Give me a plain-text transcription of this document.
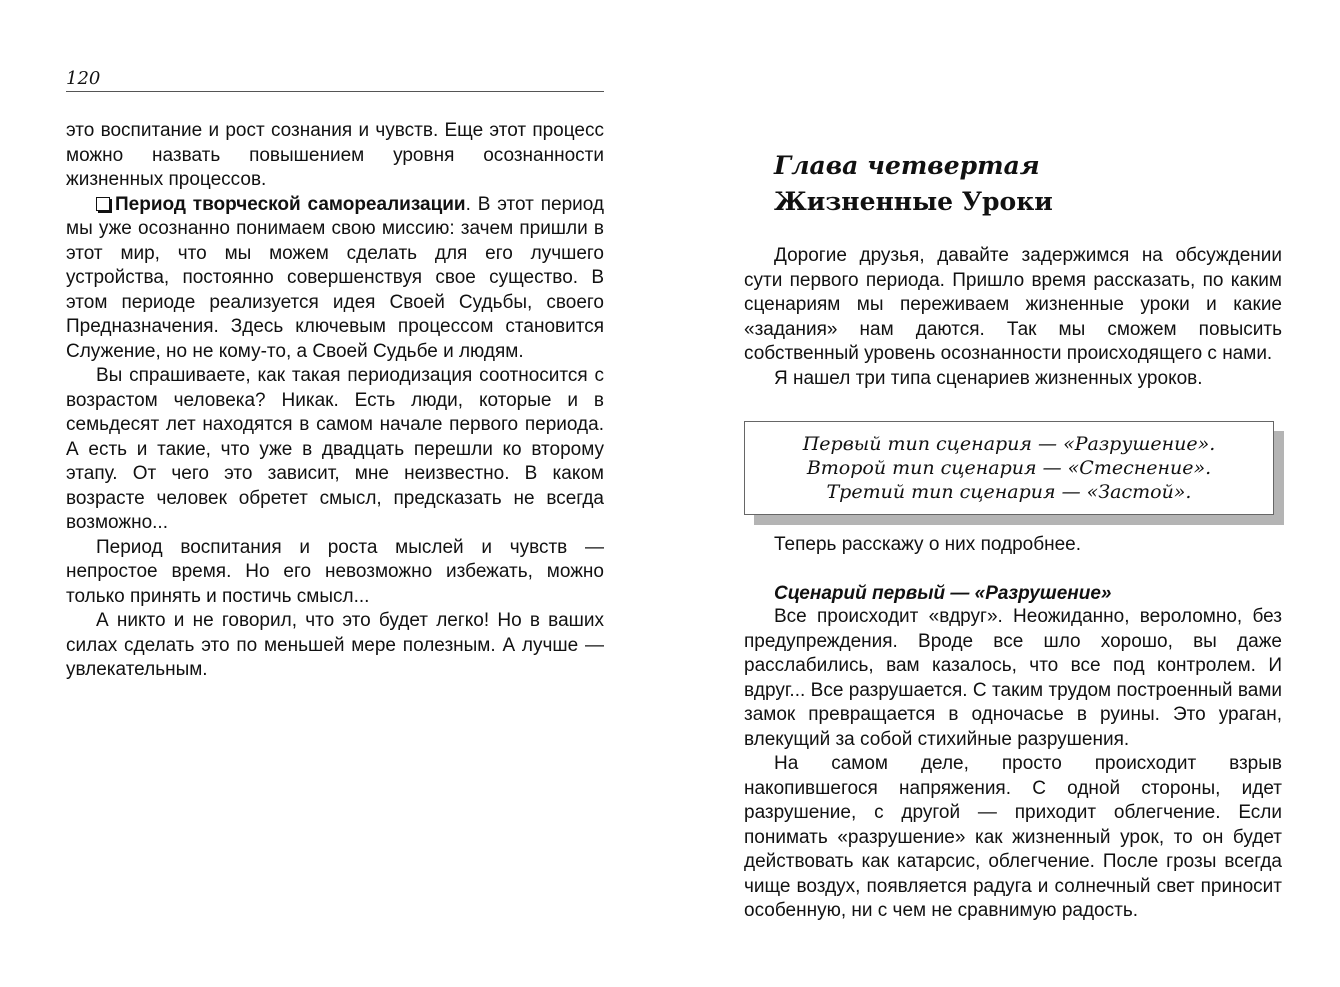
120

это воспитание и рост сознания и чувств. Еще этот процесс можно назвать повышением уровня осознанности жизненных процессов.

Период творческой самореализации. В этот период мы уже осознанно понимаем свою миссию: зачем пришли в этот мир, что мы можем сделать для его лучшего устройства, постоянно совершенствуя свое существо. В этом периоде реализуется идея Своей Судьбы, своего Предназначения. Здесь ключевым процессом становится Служение, но не кому-то, а Своей Судьбе и людям.

Вы спрашиваете, как такая периодизация соотносится с возрастом человека? Никак. Есть люди, которые и в семьдесят лет находятся в самом начале первого периода. А есть и такие, что уже в двадцать перешли ко второму этапу. От чего это зависит, мне неизвестно. В каком возрасте человек обретет смысл, предсказать не всегда возможно...

Период воспитания и роста мыслей и чувств — непростое время. Но его невозможно избежать, можно только принять и постичь смысл...

А никто и не говорил, что это будет легко! Но в ваших силах сделать это по меньшей мере полезным. А лучше — увлекательным.

Глава четвертая
Жизненные Уроки

Дорогие друзья, давайте задержимся на обсуждении сути первого периода. Пришло время рассказать, по каким сценариям мы переживаем жизненные уроки и какие «задания» нам даются. Так мы сможем повысить собственный уровень осознанности происходящего с нами.

Я нашел три типа сценариев жизненных уроков.

Первый тип сценария — «Разрушение».
Второй тип сценария — «Стеснение».
Третий тип сценария — «Застой».

Теперь расскажу о них подробнее.

Сценарий первый — «Разрушение»

Все происходит «вдруг». Неожиданно, вероломно, без предупреждения. Вроде все шло хорошо, вы даже расслабились, вам казалось, что все под контролем. И вдруг... Все разрушается. С таким трудом построенный вами замок превращается в одночасье в руины. Это ураган, влекущий за собой стихийные разрушения.

На самом деле, просто происходит взрыв накопившегося напряжения. С одной стороны, идет разрушение, с другой — приходит облегчение. Если понимать «разрушение» как жизненный урок, то он будет действовать как катарсис, облегчение. После грозы всегда чище воздух, появляется радуга и солнечный свет приносит особенную, ни с чем не сравнимую радость.
